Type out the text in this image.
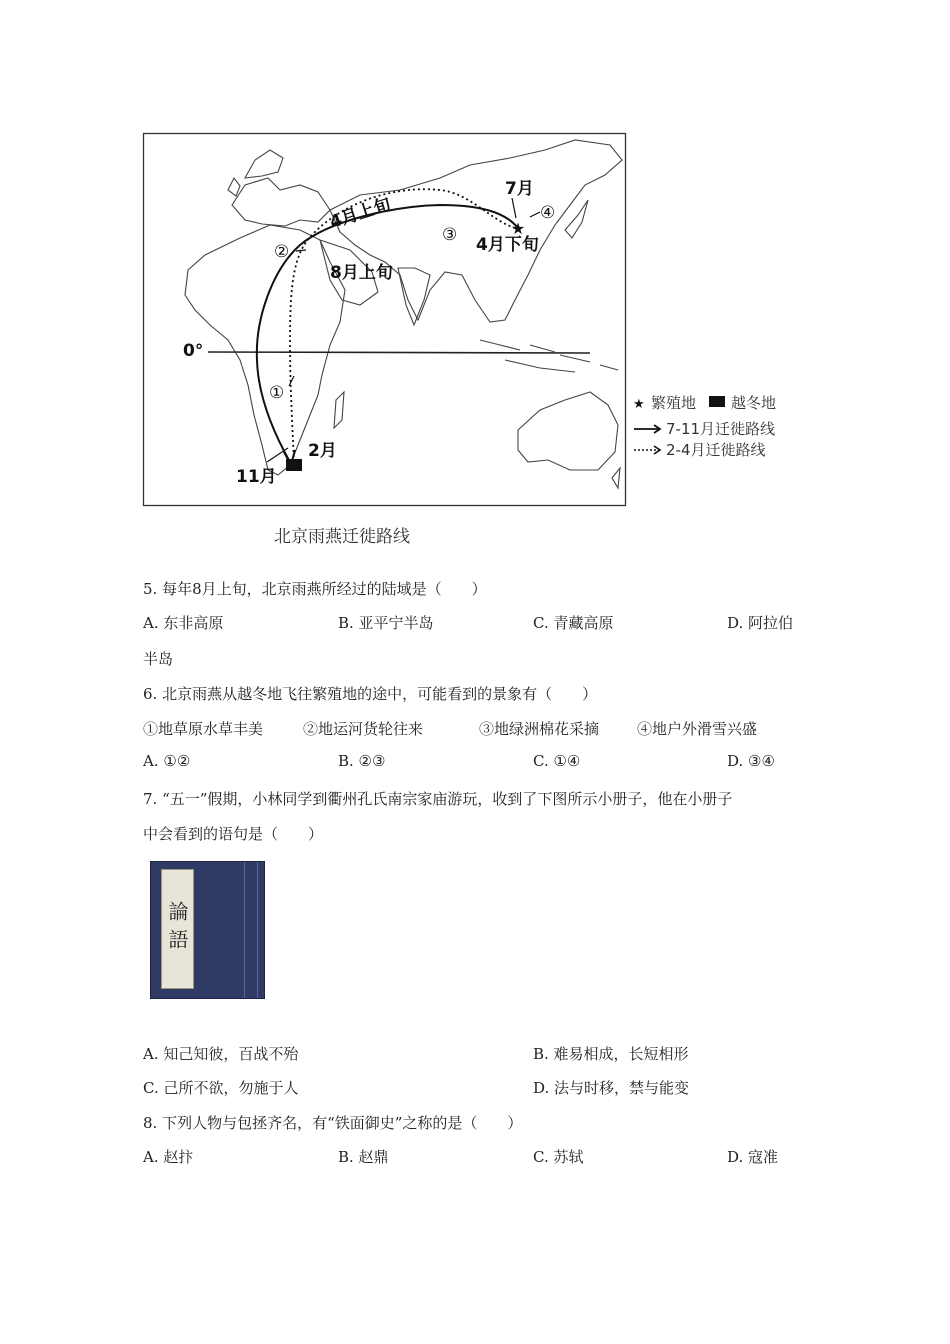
★
0°
4月上旬
8月上旬
4月下旬
7月
11月
2月
①
②
③
④
★ 繁殖地 越冬地
7-11月迁徙路线
2-4月迁徙路线
北京雨燕迁徙路线
5. 每年8月上旬，北京雨燕所经过的陆域是（　　）
A. 东非高原	B. 亚平宁半岛	C. 青藏高原	D. 阿拉伯
半岛
6. 北京雨燕从越冬地飞往繁殖地的途中，可能看到的景象有（　　）
①地草原水草丰美	②地运河货轮往来	③地绿洲棉花采摘	④地户外滑雪兴盛
A. ①②	B. ②③	C. ①④	D. ③④
7. “五一”假期，小林同学到衢州孔氏南宗家庙游玩，收到了下图所示小册子，他在小册子
中会看到的语句是（　　）
論語
A. 知己知彼，百战不殆	B. 难易相成，长短相形
C. 己所不欲，勿施于人	D. 法与时移，禁与能变
8. 下列人物与包拯齐名，有“铁面御史”之称的是（　　）
A. 赵抃	B. 赵鼎	C. 苏轼	D. 寇准
